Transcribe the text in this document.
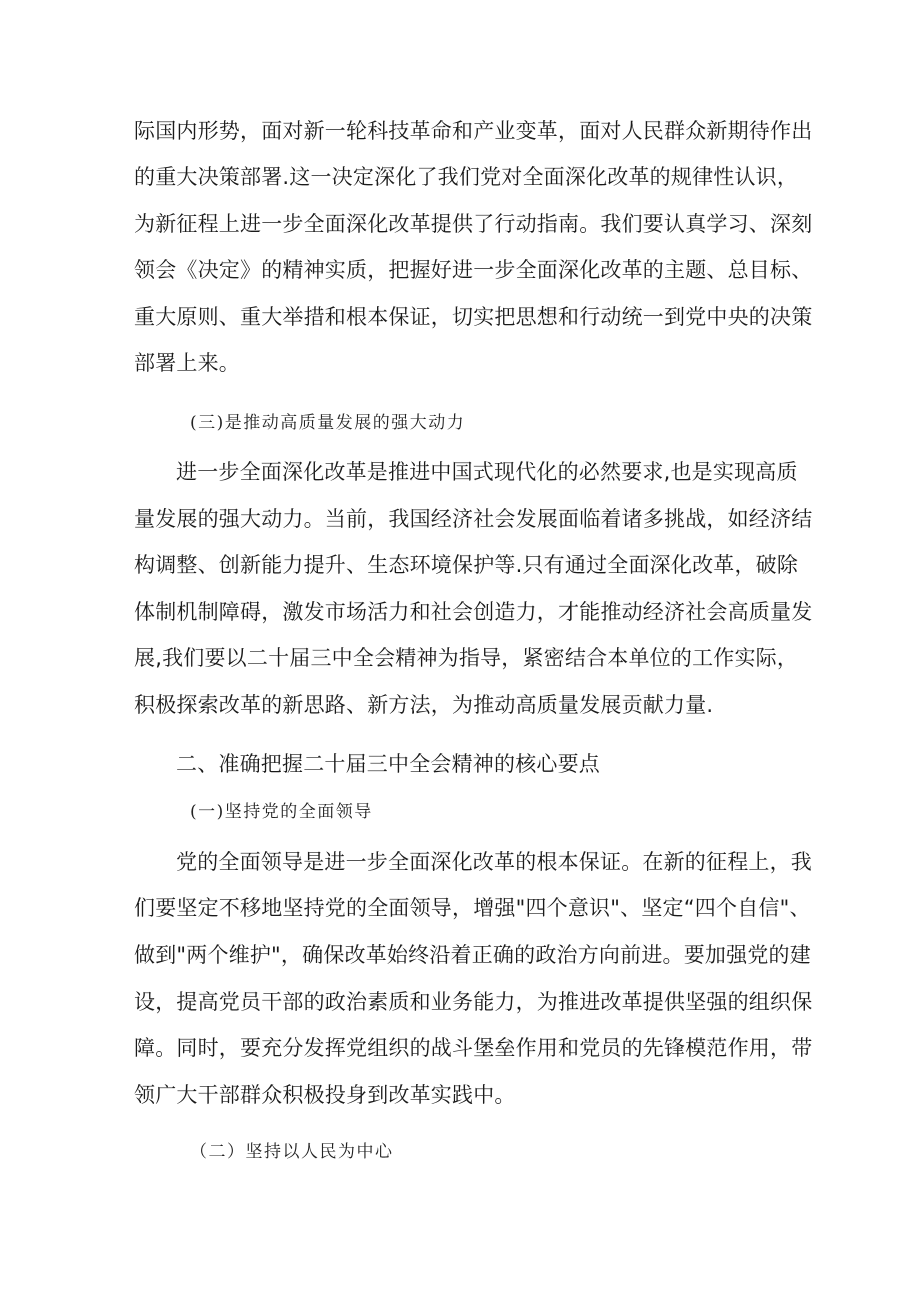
际国内形势，面对新一轮科技革命和产业变革，面对人民群众新期待作出
的重大决策部署.这一决定深化了我们党对全面深化改革的规律性认识，
为新征程上进一步全面深化改革提供了行动指南。我们要认真学习、深刻
领会《决定》的精神实质，把握好进一步全面深化改革的主题、总目标、
重大原则、重大举措和根本保证，切实把思想和行动统一到党中央的决策
部署上来。
(三)是推动高质量发展的强大动力
进一步全面深化改革是推进中国式现代化的必然要求,也是实现高质
量发展的强大动力。当前，我国经济社会发展面临着诸多挑战，如经济结
构调整、创新能力提升、生态环境保护等.只有通过全面深化改革，破除
体制机制障碍，激发市场活力和社会创造力，才能推动经济社会高质量发
展,我们要以二十届三中全会精神为指导，紧密结合本单位的工作实际，
积极探索改革的新思路、新方法，为推动高质量发展贡献力量.
二、准确把握二十届三中全会精神的核心要点
(一)坚持党的全面领导
党的全面领导是进一步全面深化改革的根本保证。在新的征程上，我
们要坚定不移地坚持党的全面领导，增强"四个意识"、坚定“四个自信"、
做到"两个维护"，确保改革始终沿着正确的政治方向前进。要加强党的建
设，提高党员干部的政治素质和业务能力，为推进改革提供坚强的组织保
障。同时，要充分发挥党组织的战斗堡垒作用和党员的先锋模范作用，带
领广大干部群众积极投身到改革实践中。
（二）坚持以人民为中心
